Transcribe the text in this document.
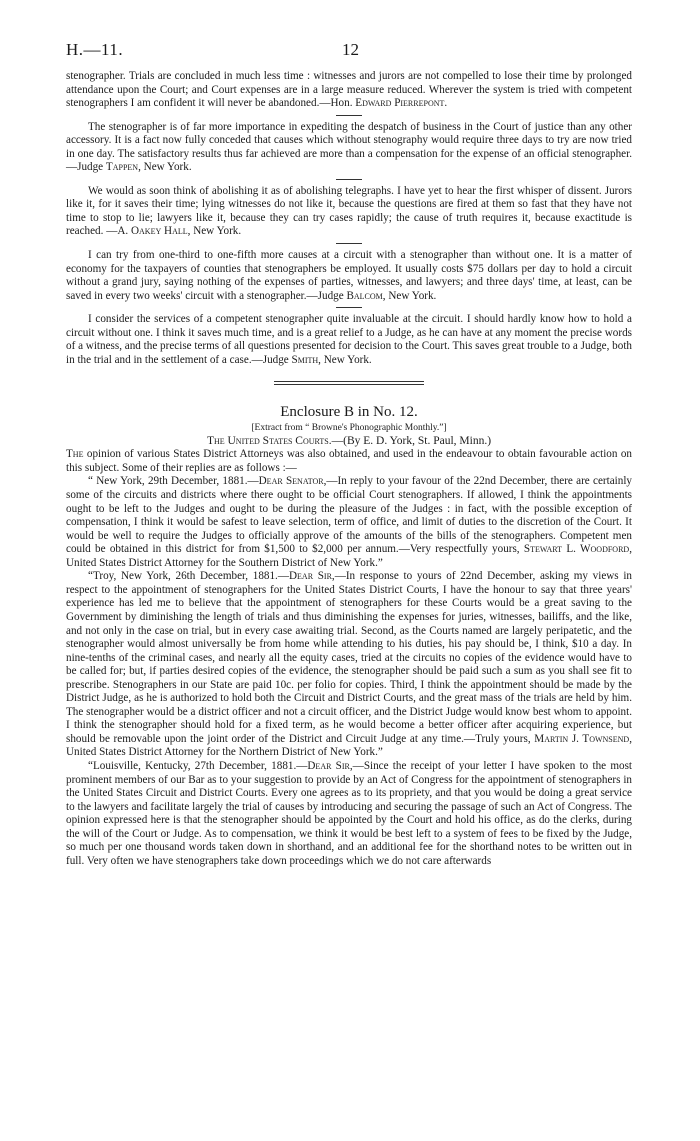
H.—11.	12

stenographer. Trials are concluded in much less time : witnesses and jurors are not compelled to lose their time by prolonged attendance upon the Court; and Court expenses are in a large measure reduced. Wherever the system is tried with competent stenographers I am confident it will never be abandoned.—Hon. Edward Pierrepont.

The stenographer is of far more importance in expediting the despatch of business in the Court of justice than any other accessory. It is a fact now fully conceded that causes which without stenography would require three days to try are now tried in one day. The satisfactory results thus far achieved are more than a compensation for the expense of an official stenographer.—Judge Tappen, New York.

We would as soon think of abolishing it as of abolishing telegraphs. I have yet to hear the first whisper of dissent. Jurors like it, for it saves their time; lying witnesses do not like it, because the questions are fired at them so fast that they have not time to stop to lie; lawyers like it, because they can try cases rapidly; the cause of truth requires it, because exactitude is reached. —A. Oakey Hall, New York.

I can try from one-third to one-fifth more causes at a circuit with a stenographer than without one. It is a matter of economy for the taxpayers of counties that stenographers be employed. It usually costs $75 dollars per day to hold a circuit without a grand jury, saying nothing of the expenses of parties, witnesses, and lawyers; and three days' time, at least, can be saved in every two weeks' circuit with a stenographer.—Judge Balcom, New York.

I consider the services of a competent stenographer quite invaluable at the circuit. I should hardly know how to hold a circuit without one. I think it saves much time, and is a great relief to a Judge, as he can have at any moment the precise words of a witness, and the precise terms of all questions presented for decision to the Court. This saves great trouble to a Judge, both in the trial and in the settlement of a case.—Judge Smith, New York.

Enclosure B in No. 12.
[Extract from “ Browne's Phonographic Monthly.”]
The United States Courts.—(By E. D. York, St. Paul, Minn.)

The opinion of various States District Attorneys was also obtained, and used in the endeavour to obtain favourable action on this subject. Some of their replies are as follows :—

“ New York, 29th December, 1881.—Dear Senator,—In reply to your favour of the 22nd December, there are certainly some of the circuits and districts where there ought to be official Court stenographers. If allowed, I think the appointments ought to be left to the Judges and ought to be during the pleasure of the Judges : in fact, with the possible exception of compensation, I think it would be safest to leave selection, term of office, and limit of duties to the discretion of the Court. It would be well to require the Judges to officially approve of the amounts of the bills of the stenographers. Competent men could be obtained in this district for from $1,500 to $2,000 per annum.—Very respectfully yours, Stewart L. Woodford, United States District Attorney for the Southern District of New York.”

“Troy, New York, 26th December, 1881.—Dear Sir,—In response to yours of 22nd December, asking my views in respect to the appointment of stenographers for the United States District Courts, I have the honour to say that three years' experience has led me to believe that the appointment of stenographers for these Courts would be a great saving to the Government by diminishing the length of trials and thus diminishing the expenses for juries, witnesses, bailiffs, and the like, and not only in the case on trial, but in every case awaiting trial. Second, as the Courts named are largely peripatetic, and the stenographer would almost universally be from home while attending to his duties, his pay should be, I think, $10 a day. In nine-tenths of the criminal cases, and nearly all the equity cases, tried at the circuits no copies of the evidence would have to be called for; but, if parties desired copies of the evidence, the stenographer should be paid such a sum as you shall see fit to prescribe. Stenographers in our State are paid 10c. per folio for copies. Third, I think the appointment should be made by the District Judge, as he is authorized to hold both the Circuit and District Courts, and the great mass of the trials are held by him. The stenographer would be a district officer and not a circuit officer, and the District Judge would know best whom to appoint. I think the stenographer should hold for a fixed term, as he would become a better officer after acquiring experience, but should be removable upon the joint order of the District and Circuit Judge at any time.—Truly yours, Martin J. Townsend, United States District Attorney for the Northern District of New York.”

“Louisville, Kentucky, 27th December, 1881.—Dear Sir,—Since the receipt of your letter I have spoken to the most prominent members of our Bar as to your suggestion to provide by an Act of Congress for the appointment of stenographers in the United States Circuit and District Courts. Every one agrees as to its propriety, and that you would be doing a great service to the lawyers and facilitate largely the trial of causes by introducing and securing the passage of such an Act of Congress. The opinion expressed here is that the stenographer should be appointed by the Court and hold his office, as do the clerks, during the will of the Court or Judge. As to compensation, we think it would be best left to a system of fees to be fixed by the Judge, so much per one thousand words taken down in shorthand, and an additional fee for the shorthand notes to be written out in full. Very often we have stenographers take down proceedings which we do not care afterwards
